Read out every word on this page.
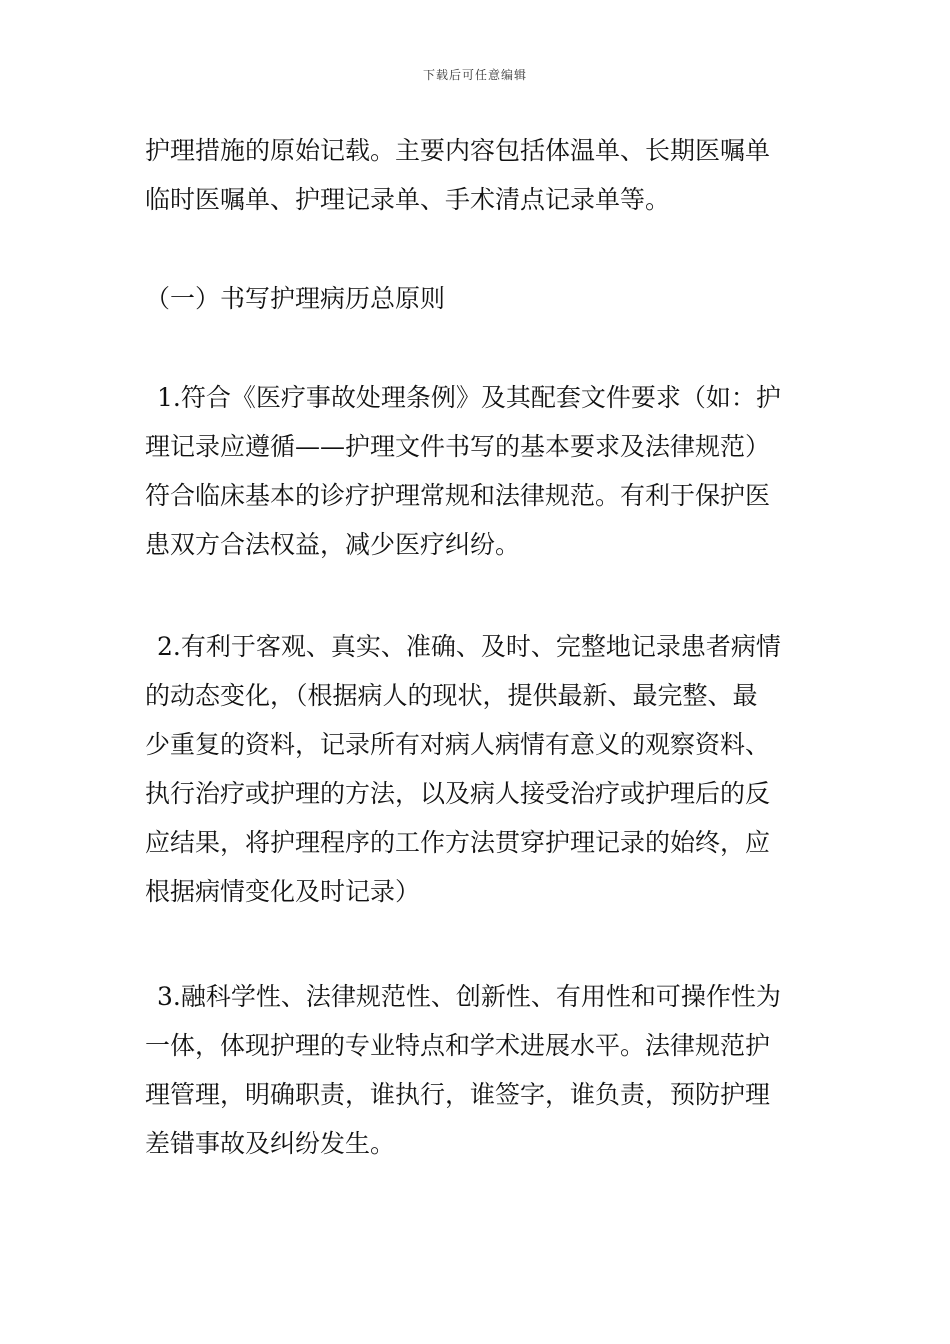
下载后可任意编辑
护理措施的原始记载。主要内容包括体温单、长期医嘱单
临时医嘱单、护理记录单、手术清点记录单等。
（一）书写护理病历总原则
1.符合《医疗事故处理条例》及其配套文件要求（如：护
理记录应遵循——护理文件书写的基本要求及法律规范）
符合临床基本的诊疗护理常规和法律规范。有利于保护医
患双方合法权益，减少医疗纠纷。
2.有利于客观、真实、准确、及时、完整地记录患者病情
的动态变化，（根据病人的现状，提供最新、最完整、最
少重复的资料，记录所有对病人病情有意义的观察资料、
执行治疗或护理的方法，以及病人接受治疗或护理后的反
应结果，将护理程序的工作方法贯穿护理记录的始终，应
根据病情变化及时记录）
3.融科学性、法律规范性、创新性、有用性和可操作性为
一体，体现护理的专业特点和学术进展水平。法律规范护
理管理，明确职责，谁执行，谁签字，谁负责，预防护理
差错事故及纠纷发生。
